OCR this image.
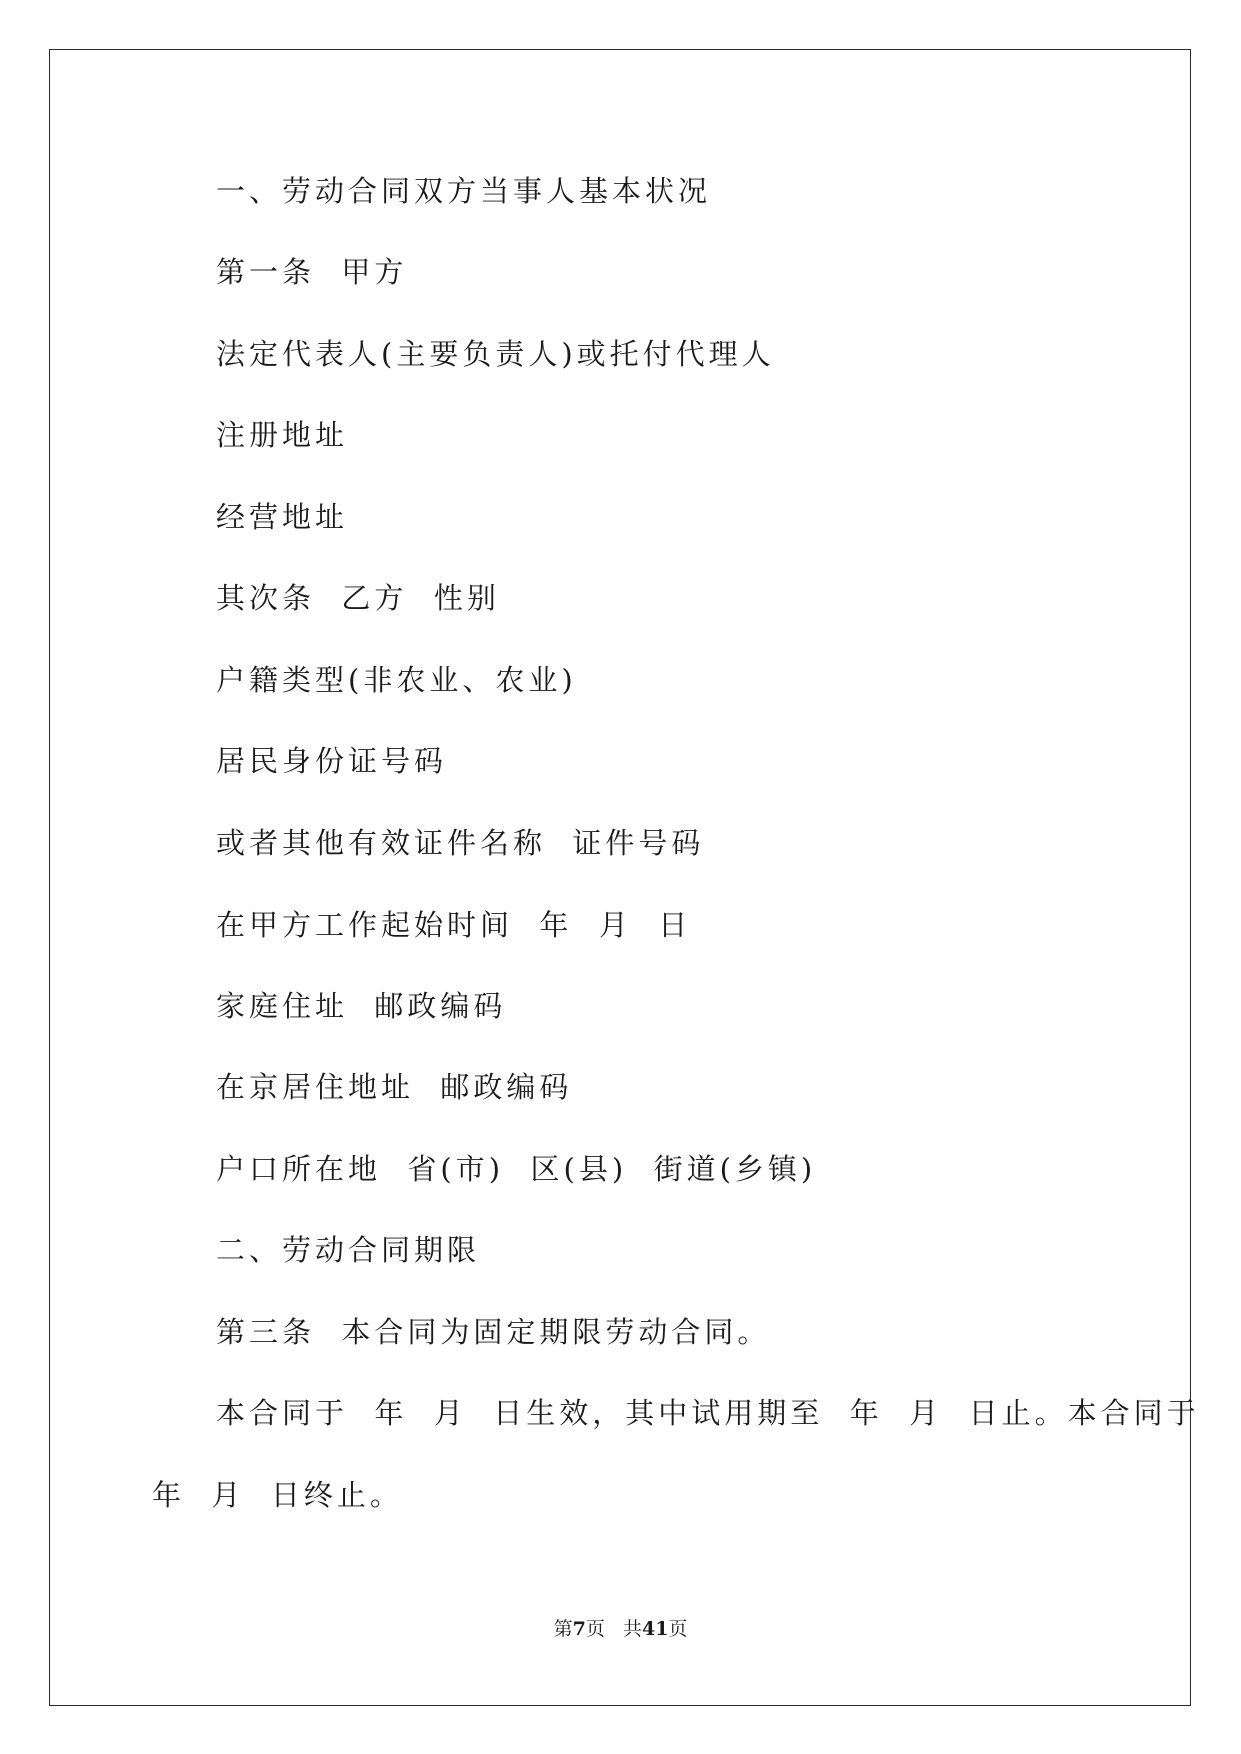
一、劳动合同双方当事人基本状况
第一条  甲方
法定代表人(主要负责人)或托付代理人
注册地址
经营地址
其次条  乙方  性别
户籍类型(非农业、农业)
居民身份证号码
或者其他有效证件名称  证件号码
在甲方工作起始时间  年  月  日
家庭住址  邮政编码
在京居住地址  邮政编码
户口所在地  省(市)  区(县)  街道(乡镇)
二、劳动合同期限
第三条  本合同为固定期限劳动合同。
本合同于  年  月  日生效，其中试用期至  年  月  日止。本合同于
年  月  日终止。
第7页 共41页
